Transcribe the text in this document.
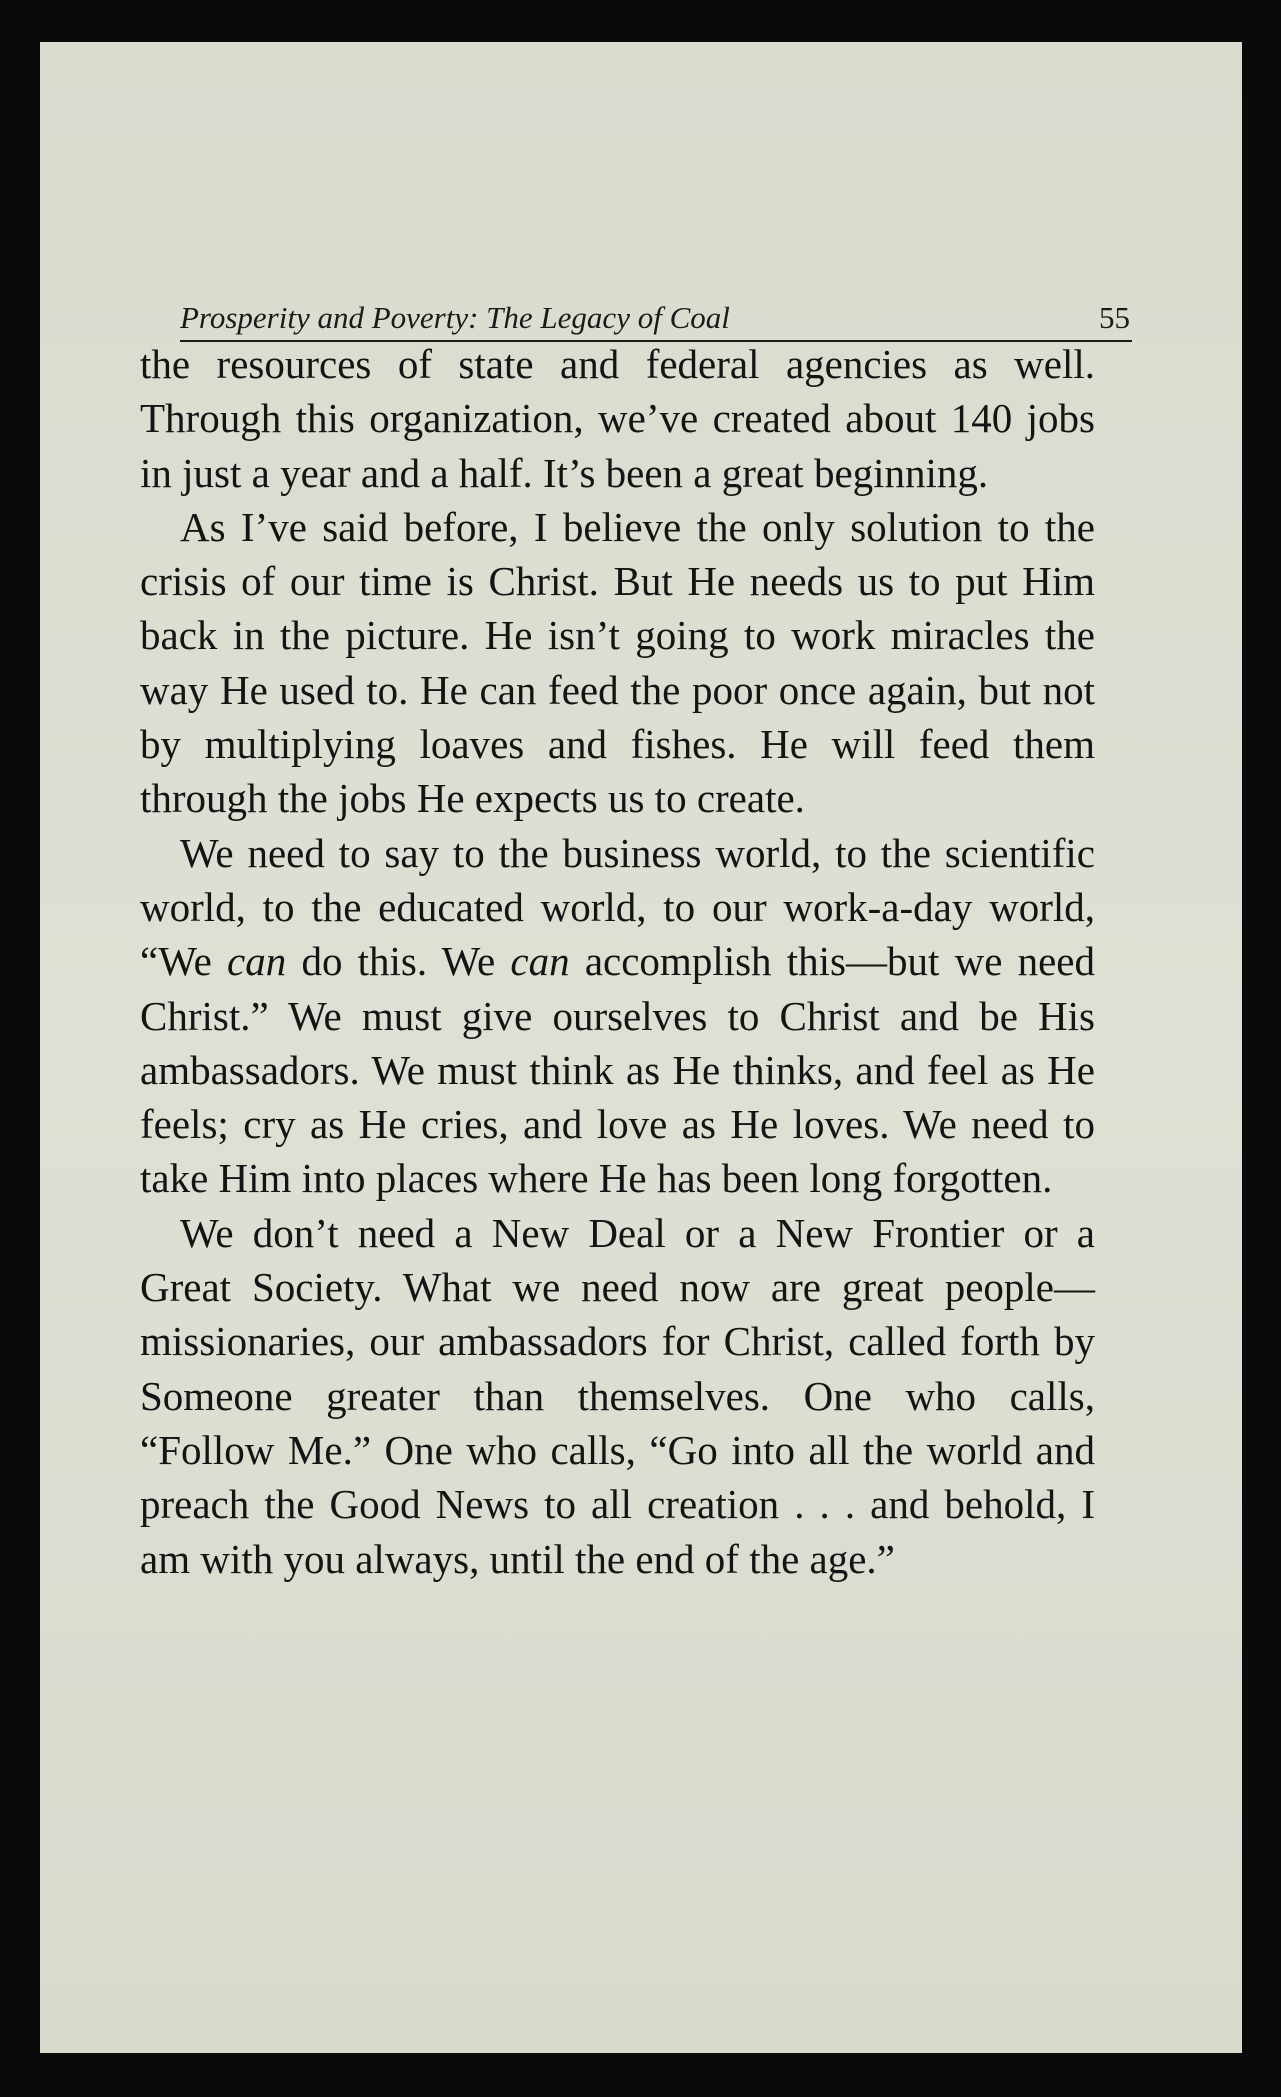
Prosperity and Poverty: The Legacy of Coal	55

the resources of state and federal agencies as well. Through this organization, we’ve created about 140 jobs in just a year and a half. It’s been a great beginning.

As I’ve said before, I believe the only solution to the crisis of our time is Christ. But He needs us to put Him back in the picture. He isn’t going to work miracles the way He used to. He can feed the poor once again, but not by multiplying loaves and fishes. He will feed them through the jobs He expects us to create.

We need to say to the business world, to the scientific world, to the educated world, to our work-a-day world, “We can do this. We can accomplish this—but we need Christ.” We must give ourselves to Christ and be His ambassadors. We must think as He thinks, and feel as He feels; cry as He cries, and love as He loves. We need to take Him into places where He has been long forgotten.

We don’t need a New Deal or a New Frontier or a Great Society. What we need now are great people—missionaries, our ambassadors for Christ, called forth by Someone greater than themselves. One who calls, “Follow Me.” One who calls, “Go into all the world and preach the Good News to all creation . . . and behold, I am with you always, until the end of the age.”
